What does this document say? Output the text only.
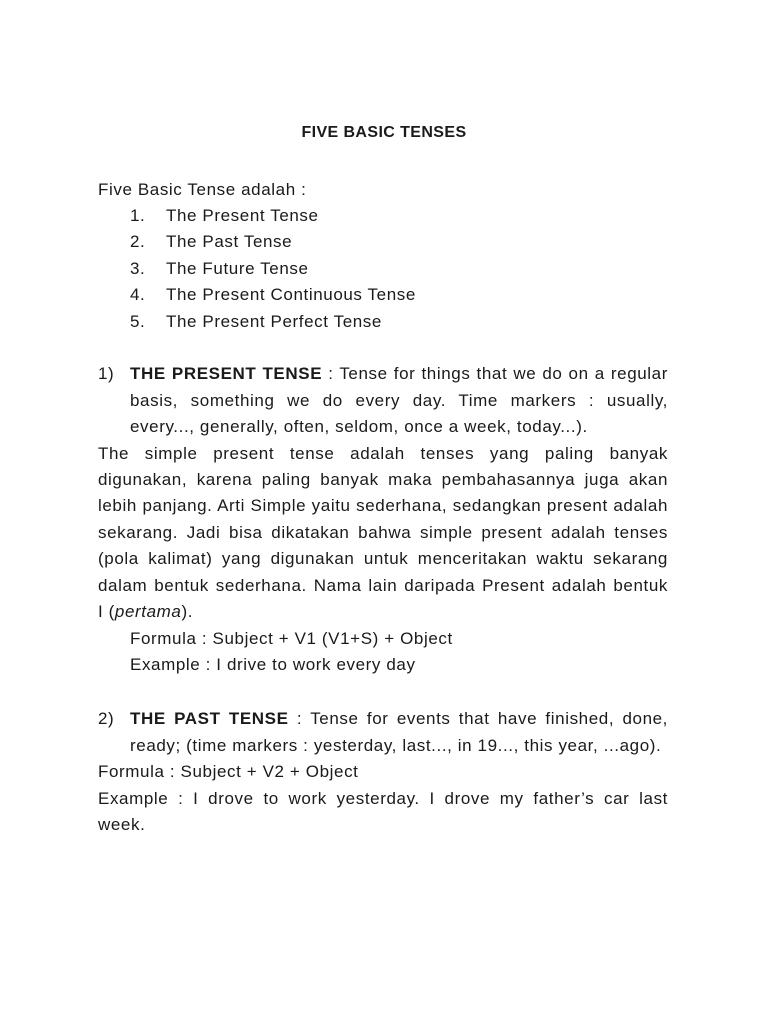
FIVE BASIC TENSES
Five Basic Tense adalah :
1. The Present Tense
2. The Past Tense
3. The Future Tense
4. The Present Continuous Tense
5. The Present Perfect Tense
1) THE PRESENT TENSE : Tense for things that we do on a regular
basis, something we do every day. Time markers : usually,
every..., generally, often, seldom, once a week, today...).
The simple present tense adalah tenses yang paling banyak
digunakan, karena paling banyak maka pembahasannya juga akan
lebih panjang. Arti Simple yaitu sederhana, sedangkan present adalah
sekarang. Jadi bisa dikatakan bahwa simple present adalah tenses
(pola kalimat) yang digunakan untuk menceritakan waktu sekarang
dalam bentuk sederhana. Nama lain daripada Present adalah bentuk
I (pertama).
Formula : Subject + V1 (V1+S) + Object
Example : I drive to work every day
2) THE PAST TENSE : Tense for events that have finished, done,
ready; (time markers : yesterday, last..., in 19..., this year, ...ago).
Formula : Subject + V2 + Object
Example : I drove to work yesterday. I drove my father’s car last
week.
